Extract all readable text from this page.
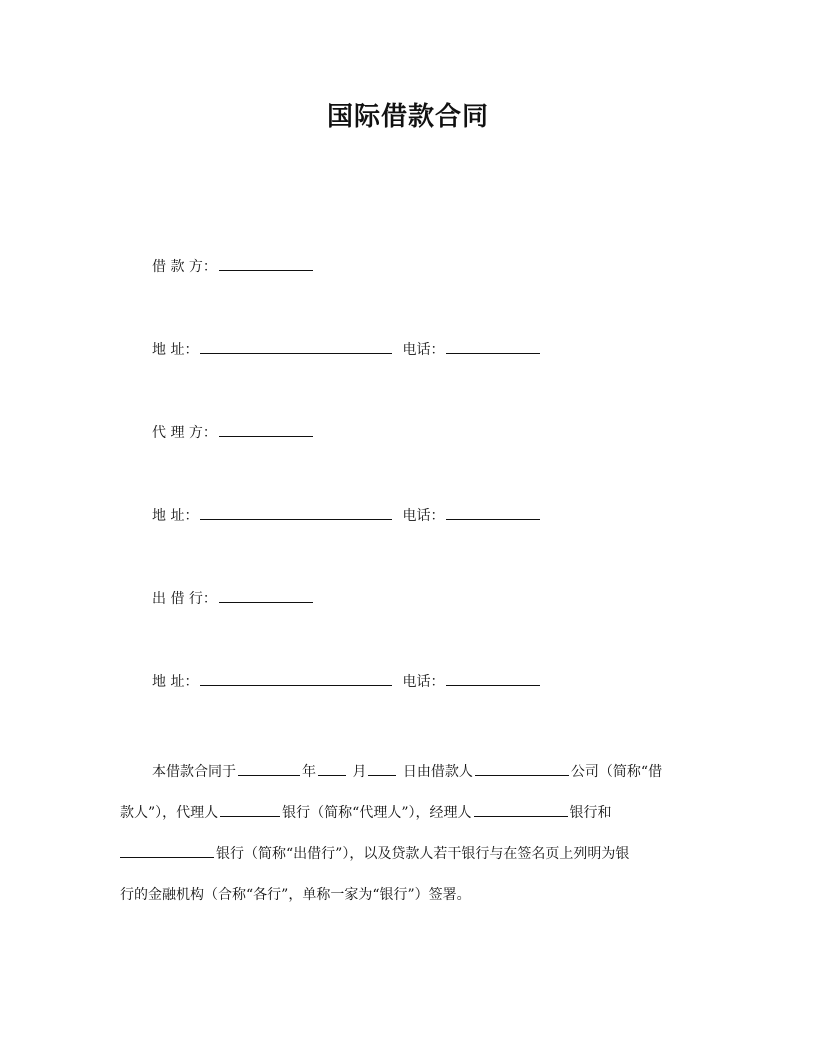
国际借款合同
借 款 方：
地 址：	电话：
代 理 方：
地 址：	电话：
出 借 行：
地 址：	电话：

本借款合同于	年 月 日由借款人	公司（简称“借

款人”），代理人	银行（简称“代理人”），经理人	银行和

银行（简称“出借行”），以及贷款人若干银行与在签名页上列明为银

行的金融机构（合称“各行”，单称一家为“银行”）签署。
